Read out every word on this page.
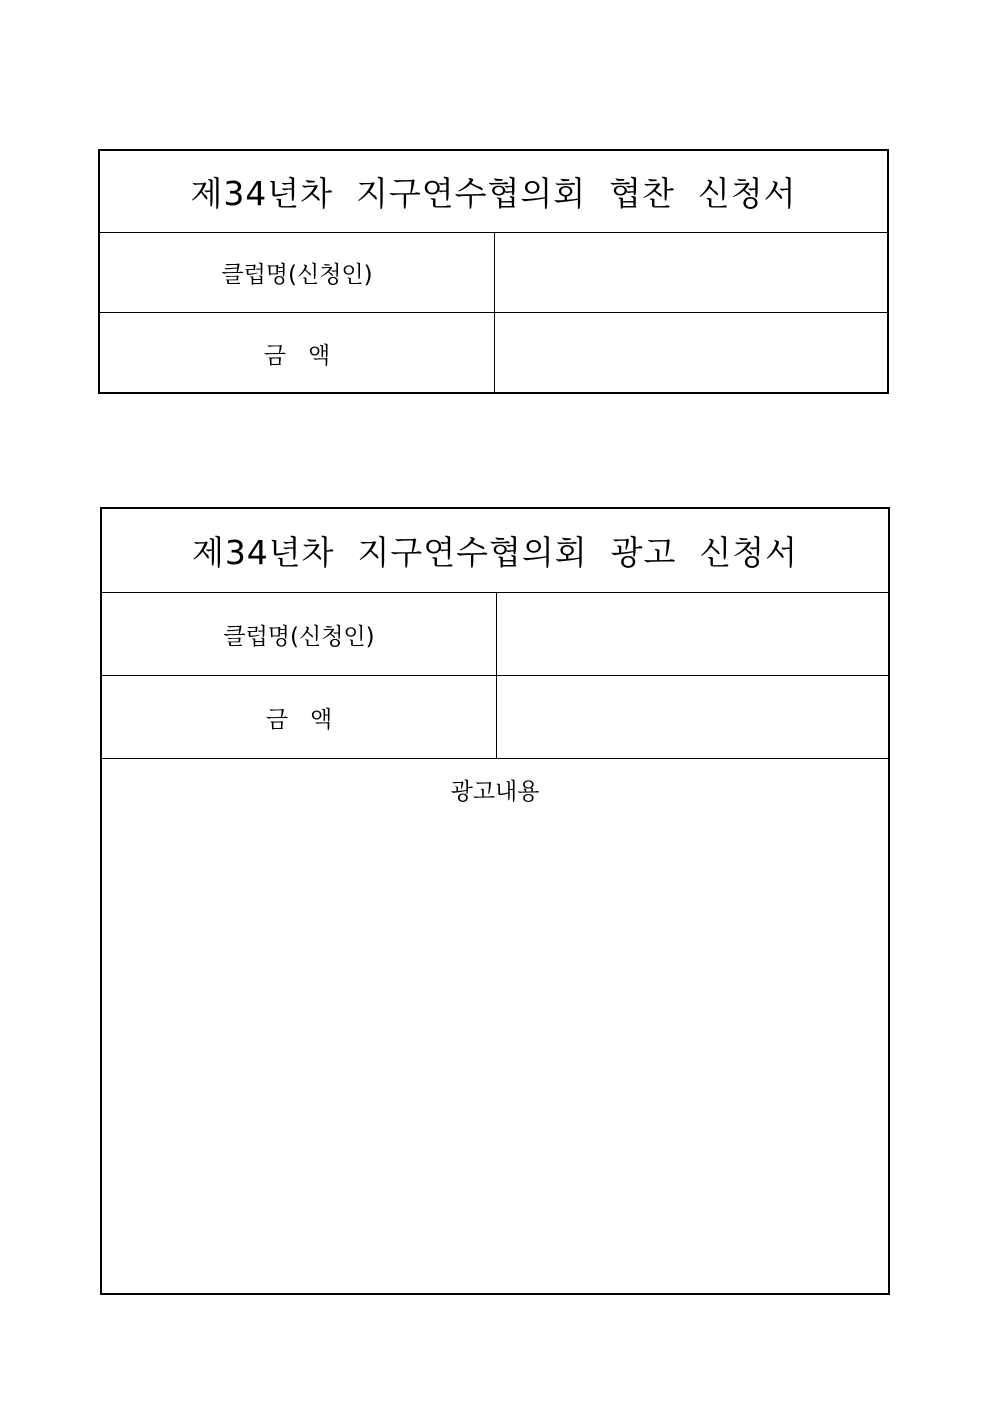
제34년차  지구연수협의회  협찬  신청서
클럽명(신청인)
금   액
제34년차  지구연수협의회  광고  신청서
클럽명(신청인)
금   액
광고내용
